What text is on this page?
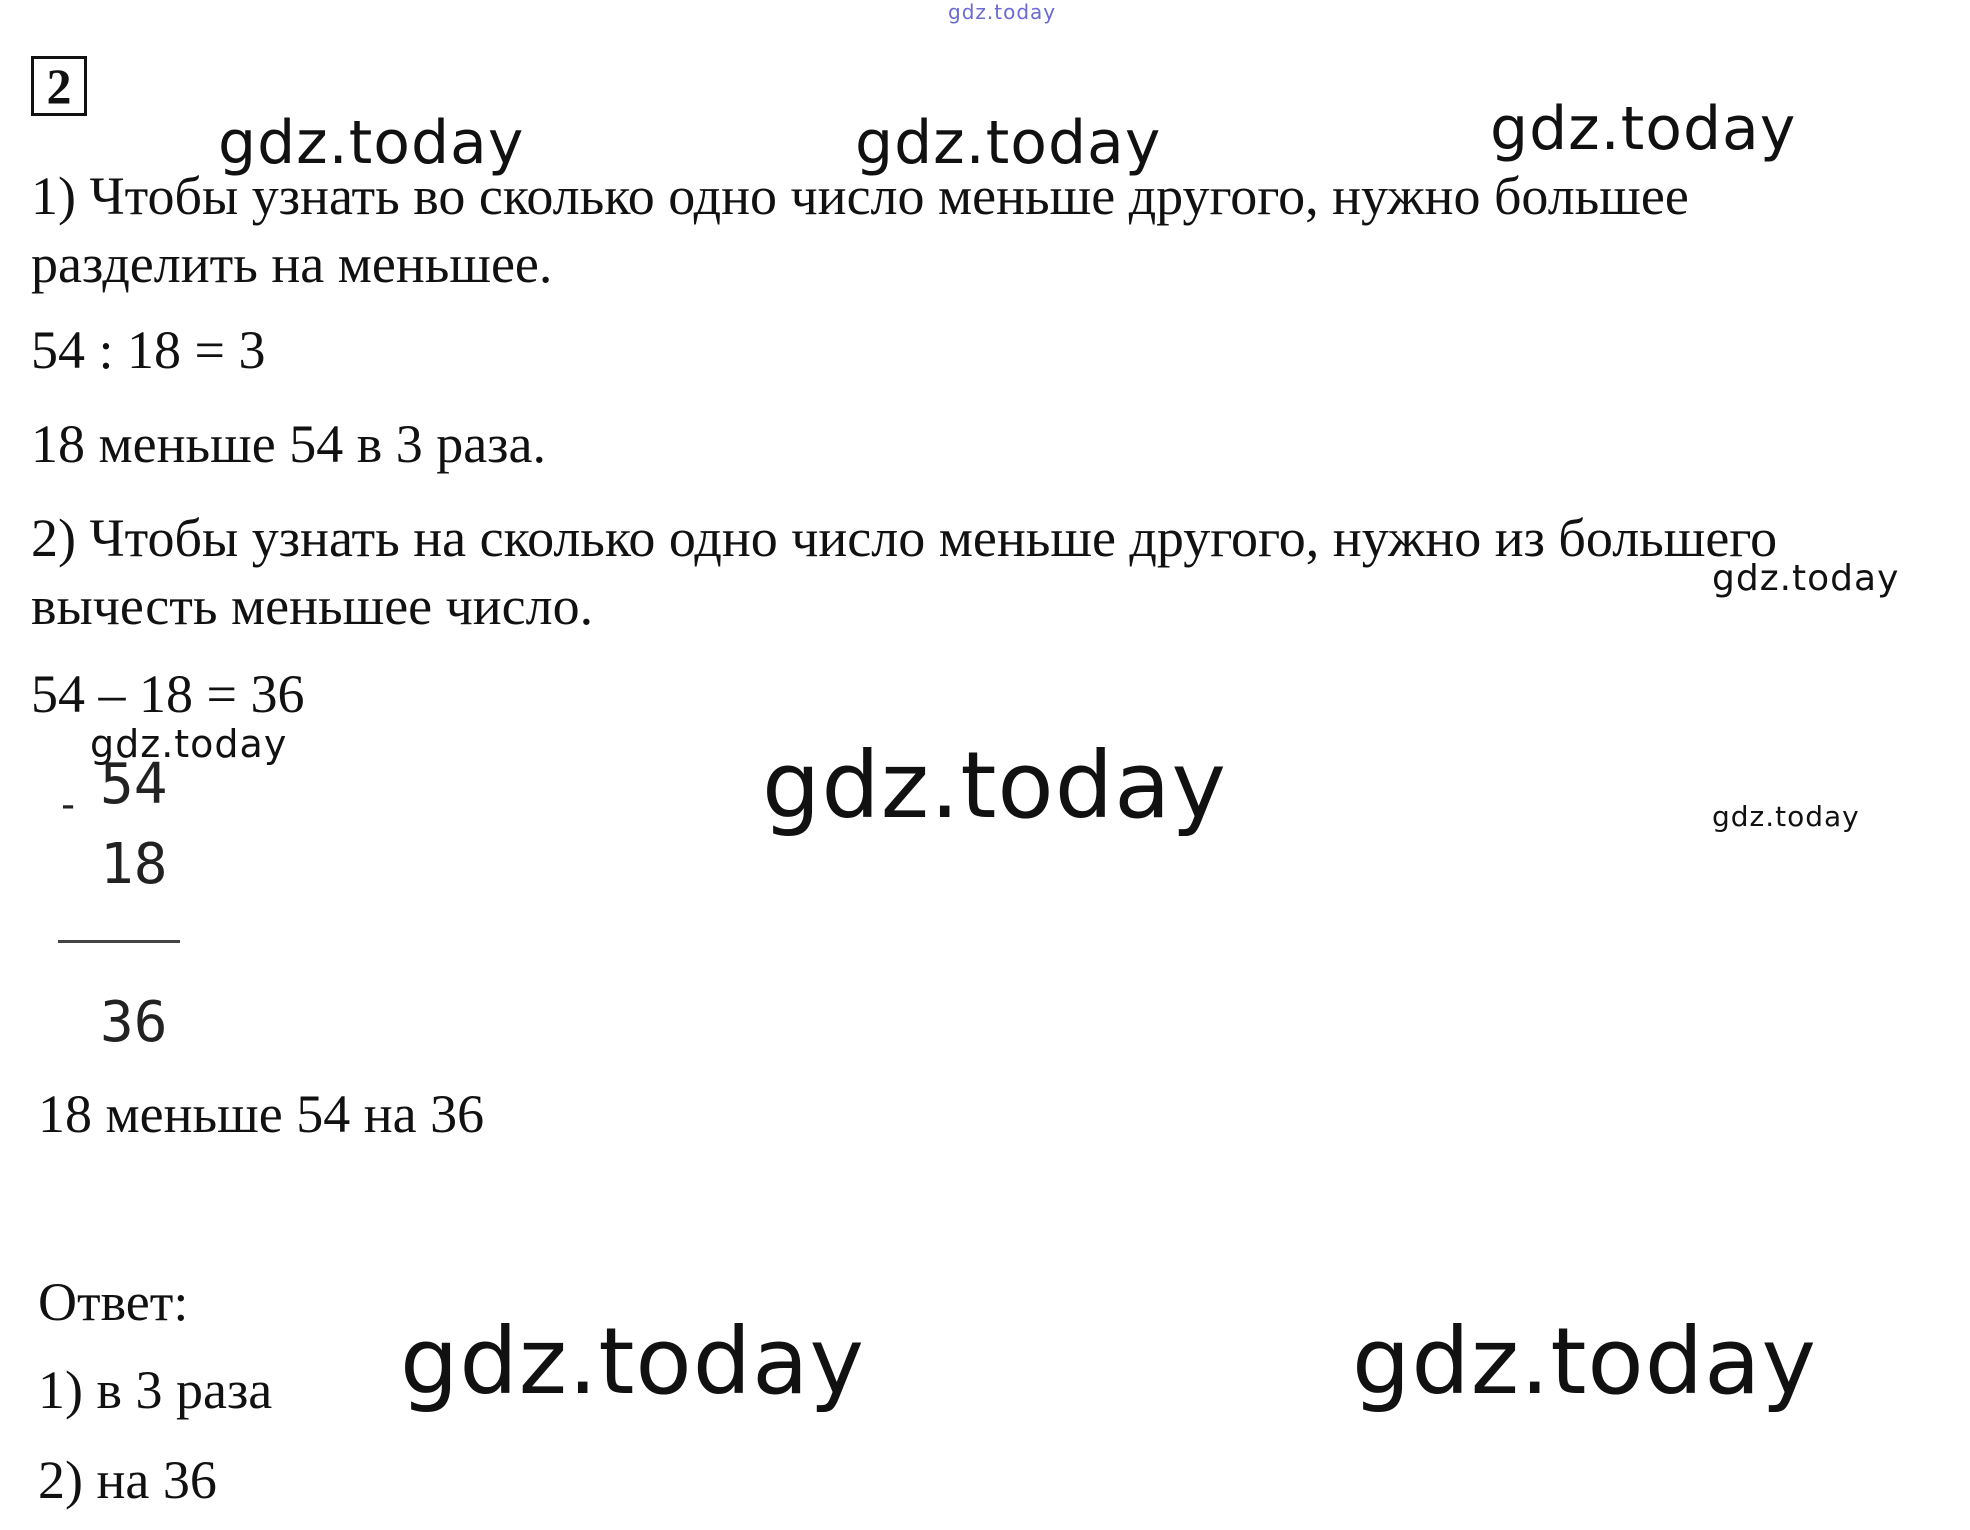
gdz.today
2
gdz.today	gdz.today	gdz.today
1) Чтобы узнать во сколько одно число меньше другого, нужно большее
разделить на меньшее.
54 : 18 = 3
18 меньше 54 в 3 раза.
2) Чтобы узнать на сколько одно число меньше другого, нужно из большего
gdz.today
вычесть меньшее число.
54 – 18 = 36
gdz.today
54
-
18
36
gdz.today	gdz.today
18 меньше 54 на 36
Ответ:
1) в 3 раза
2) на 36
gdz.today	gdz.today
